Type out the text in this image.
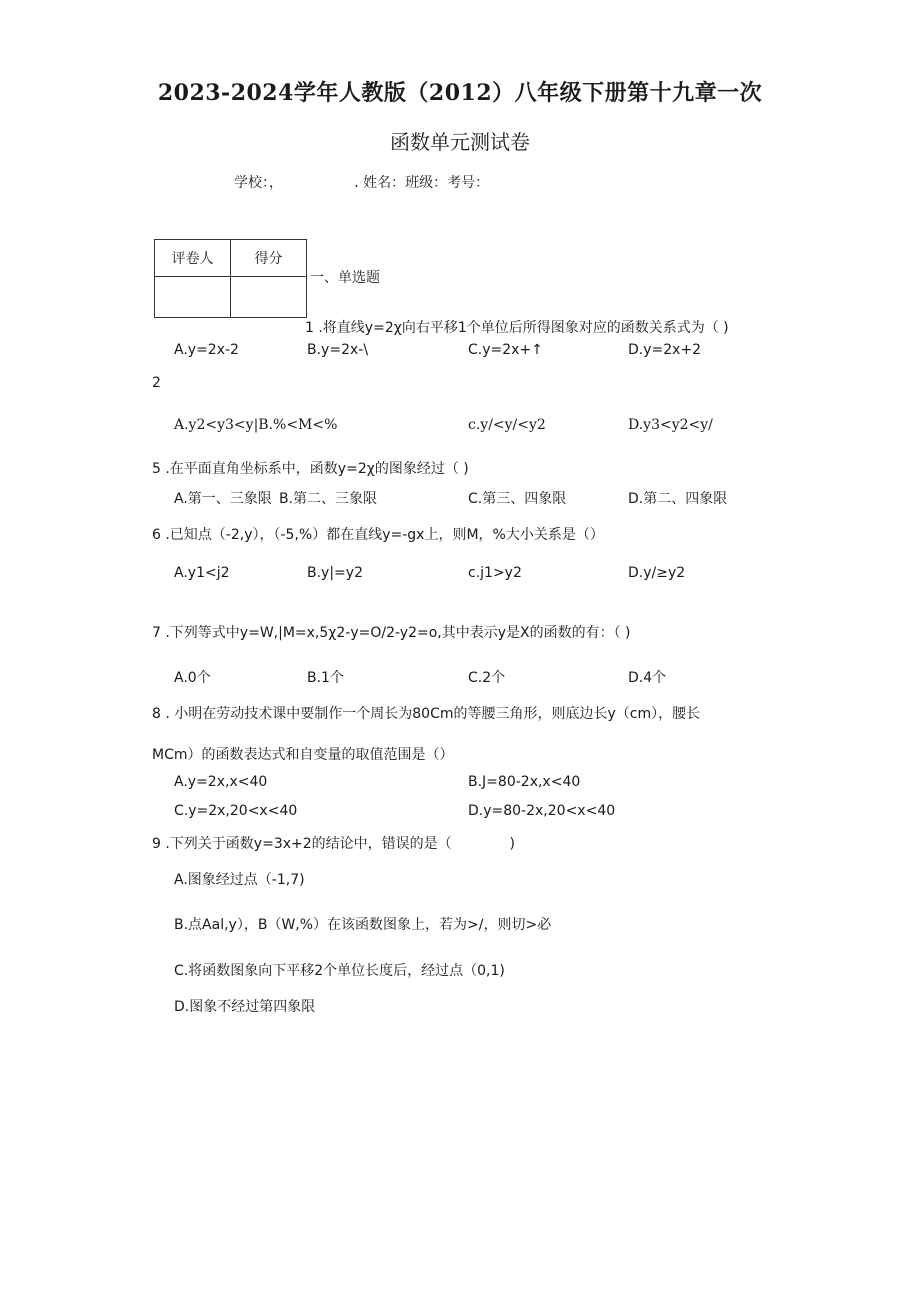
2023-2024学年人教版（2012）八年级下册第十九章一次
函数单元测试卷
学校：，                . 姓名：班级：考号：
评卷人	得分

一、单选题
1 .将直线y=2χ向右平移1个单位后所得图象对应的函数关系式为（ )
A.y=2x-2	B.y=2x-\	C.y=2x+↑	D.y=2x+2
2
A.y2<y3<y|B.%<M<%	c.y/<y/<y2	D.y3<y2<y/
5 .在平面直角坐标系中，函数y=2χ的图象经过（ )
A.第一、三象限 B.第二、三象限	C.第三、四象限	D.第二、四象限
6 .已知点（-2,y），（-5,%）都在直线y=-gx上，则M，%大小关系是（）
A.y1<j2	B.y|=y2	c.j1>y2	D.y/≥y2
7 .下列等式中y=W,|M=x,5χ2-y=O/2-y2=o,其中表示y是X的函数的有：（ )
A.0个	B.1个	C.2个	D.4个
8 . 小明在劳动技术课中要制作一个周长为80Cm的等腰三角形，则底边长y（cm），腰长
MCm）的函数表达式和自变量的取值范围是（）
A.y=2x,x<40	B.J=80-2x,x<40
C.y=2x,20<x<40	D.y=80-2x,20<x<40
9 .下列关于函数y=3x+2的结论中，错误的是（             )
A.图象经过点（-1,7)
B.点Aal,y），B（W,%）在该函数图象上，若为>/，则切>必
C.将函数图象向下平移2个单位长度后，经过点（0,1)
D.图象不经过第四象限
